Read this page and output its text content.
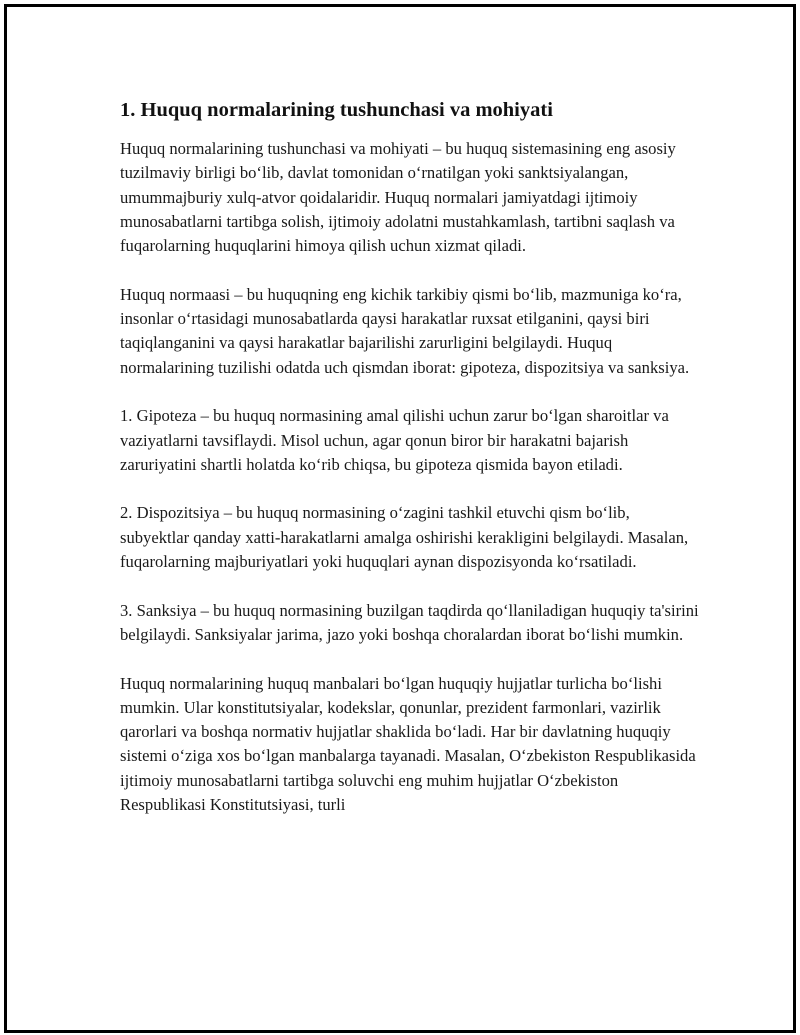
1. Huquq normalarining tushunchasi va mohiyati

Huquq normalarining tushunchasi va mohiyati – bu huquq sistemasining eng asosiy tuzilmaviy birligi bo‘lib, davlat tomonidan o‘rnatilgan yoki sanktsiyalangan, umummajburiy xulq-atvor qoidalaridir. Huquq normalari jamiyatdagi ijtimoiy munosabatlarni tartibga solish, ijtimoiy adolatni mustahkamlash, tartibni saqlash va fuqarolarning huquqlarini himoya qilish uchun xizmat qiladi.

Huquq normaasi – bu huquqning eng kichik tarkibiy qismi bo‘lib, mazmuniga ko‘ra, insonlar o‘rtasidagi munosabatlarda qaysi harakatlar ruxsat etilganini, qaysi biri taqiqlanganini va qaysi harakatlar bajarilishi zarurligini belgilaydi. Huquq normalarining tuzilishi odatda uch qismdan iborat: gipoteza, dispozitsiya va sanksiya.

1. Gipoteza – bu huquq normasining amal qilishi uchun zarur bo‘lgan sharoitlar va vaziyatlarni tavsiflaydi. Misol uchun, agar qonun biror bir harakatni bajarish zaruriyatini shartli holatda ko‘rib chiqsa, bu gipoteza qismida bayon etiladi.

2. Dispozitsiya – bu huquq normasining o‘zagini tashkil etuvchi qism bo‘lib, subyektlar qanday xatti-harakatlarni amalga oshirishi kerakligini belgilaydi. Masalan, fuqarolarning majburiyatlari yoki huquqlari aynan dispozisyonda ko‘rsatiladi.

3. Sanksiya – bu huquq normasining buzilgan taqdirda qo‘llaniladigan huquqiy ta'sirini belgilaydi. Sanksiyalar jarima, jazo yoki boshqa choralardan iborat bo‘lishi mumkin.

Huquq normalarining huquq manbalari bo‘lgan huquqiy hujjatlar turlicha bo‘lishi mumkin. Ular konstitutsiyalar, kodekslar, qonunlar, prezident farmonlari, vazirlik qarorlari va boshqa normativ hujjatlar shaklida bo‘ladi. Har bir davlatning huquqiy sistemi o‘ziga xos bo‘lgan manbalarga tayanadi. Masalan, O‘zbekiston Respublikasida ijtimoiy munosabatlarni tartibga soluvchi eng muhim hujjatlar O‘zbekiston Respublikasi Konstitutsiyasi, turli
